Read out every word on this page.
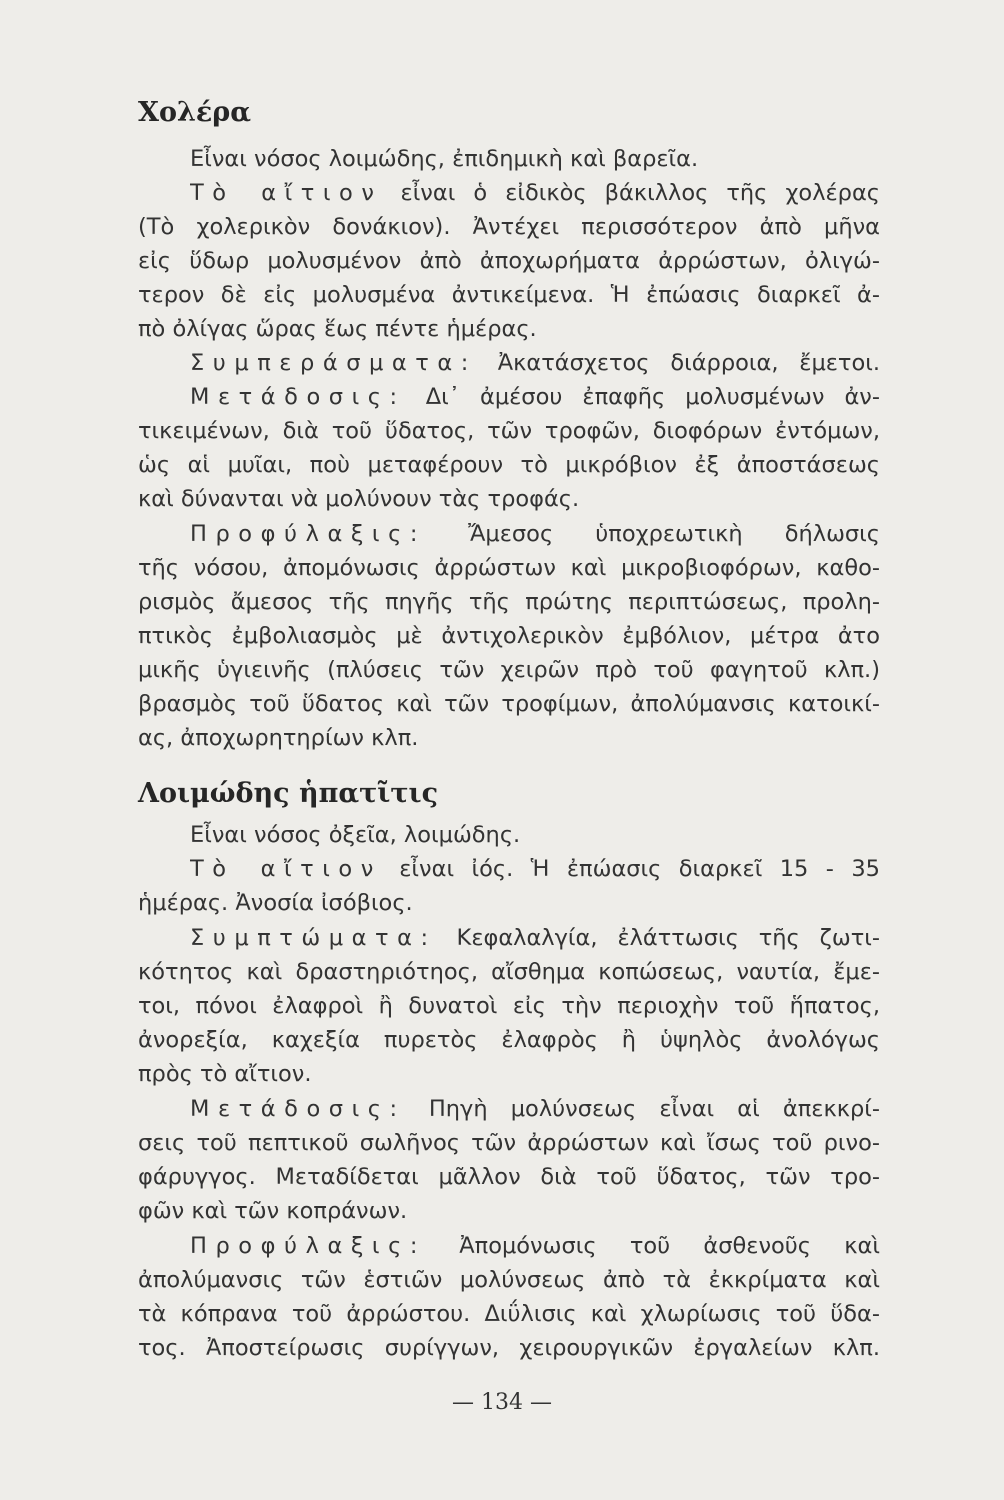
Χολέρα
Εἶναι νόσος λοιμώδης, ἐπιδημικὴ καὶ βαρεῖα.
Τὸ αἴτιον εἶναι ὁ εἰδικὸς βάκιλλος τῆς χολέρας
(Τὸ χολερικὸν δονάκιον). Ἀντέχει περισσότερον ἀπὸ μῆνα
εἰς ὕδωρ μολυσμένον ἀπὸ ἀποχωρήματα ἀρρώστων, ὀλιγώ-
τερον δὲ εἰς μολυσμένα ἀντικείμενα. Ἡ ἐπώασις διαρκεῖ ἀ-
πὸ ὀλίγας ὥρας ἕως πέντε ἡμέρας.
Συμπεράσματα: Ἀκατάσχετος διάρροια, ἔμετοι.
Μετάδοσις: Δι᾽ ἀμέσου ἐπαφῆς μολυσμένων ἀν-
τικειμένων, διὰ τοῦ ὕδατος, τῶν τροφῶν, διοφόρων ἐντόμων,
ὡς αἱ μυῖαι, ποὺ μεταφέρουν τὸ μικρόβιον ἐξ ἀποστάσεως
καὶ δύνανται νὰ μολύνουν τὰς τροφάς.
Προφύλαξις: Ἄμεσος ὑποχρεωτικὴ δήλωσις
τῆς νόσου, ἀπομόνωσις ἀρρώστων καὶ μικροβιοφόρων, καθο-
ρισμὸς ἄμεσος τῆς πηγῆς τῆς πρώτης περιπτώσεως, προλη-
πτικὸς ἐμβολιασμὸς μὲ ἀντιχολερικὸν ἐμβόλιον, μέτρα ἀτο
μικῆς ὑγιεινῆς (πλύσεις τῶν χειρῶν πρὸ τοῦ φαγητοῦ κλπ.)
βρασμὸς τοῦ ὕδατος καὶ τῶν τροφίμων, ἀπολύμανσις κατοικί-
ας, ἀποχωρητηρίων κλπ.
Λοιμώδης ἡπατῖτις
Εἶναι νόσος ὀξεῖα, λοιμώδης.
Τὸ αἴτιον εἶναι ἰός. Ἡ ἐπώασις διαρκεῖ 15 - 35
ἡμέρας. Ἀνοσία ἰσόβιος.
Συμπτώματα: Κεφαλαλγία, ἐλάττωσις τῆς ζωτι-
κότητος καὶ δραστηριότηος, αἴσθημα κοπώσεως, ναυτία, ἔμε-
τοι, πόνοι ἐλαφροὶ ἢ δυνατοὶ εἰς τὴν περιοχὴν τοῦ ἥπατος,
ἀνορεξία, καχεξία πυρετὸς ἐλαφρὸς ἢ ὑψηλὸς ἀνολόγως
πρὸς τὸ αἴτιον.
Μετάδοσις: Πηγὴ μολύνσεως εἶναι αἱ ἀπεκκρί-
σεις τοῦ πεπτικοῦ σωλῆνος τῶν ἀρρώστων καὶ ἴσως τοῦ ρινο-
φάρυγγος. Μεταδίδεται μᾶλλον διὰ τοῦ ὕδατος, τῶν τρο-
φῶν καὶ τῶν κοπράνων.
Προφύλαξις: Ἀπομόνωσις τοῦ ἀσθενοῦς καὶ
ἀπολύμανσις τῶν ἑστιῶν μολύνσεως ἀπὸ τὰ ἐκκρίματα καὶ
τὰ κόπρανα τοῦ ἀρρώστου. Διΰλισις καὶ χλωρίωσις τοῦ ὕδα-
τος. Ἀποστείρωσις συρίγγων, χειρουργικῶν ἐργαλείων κλπ.
— 134 —
